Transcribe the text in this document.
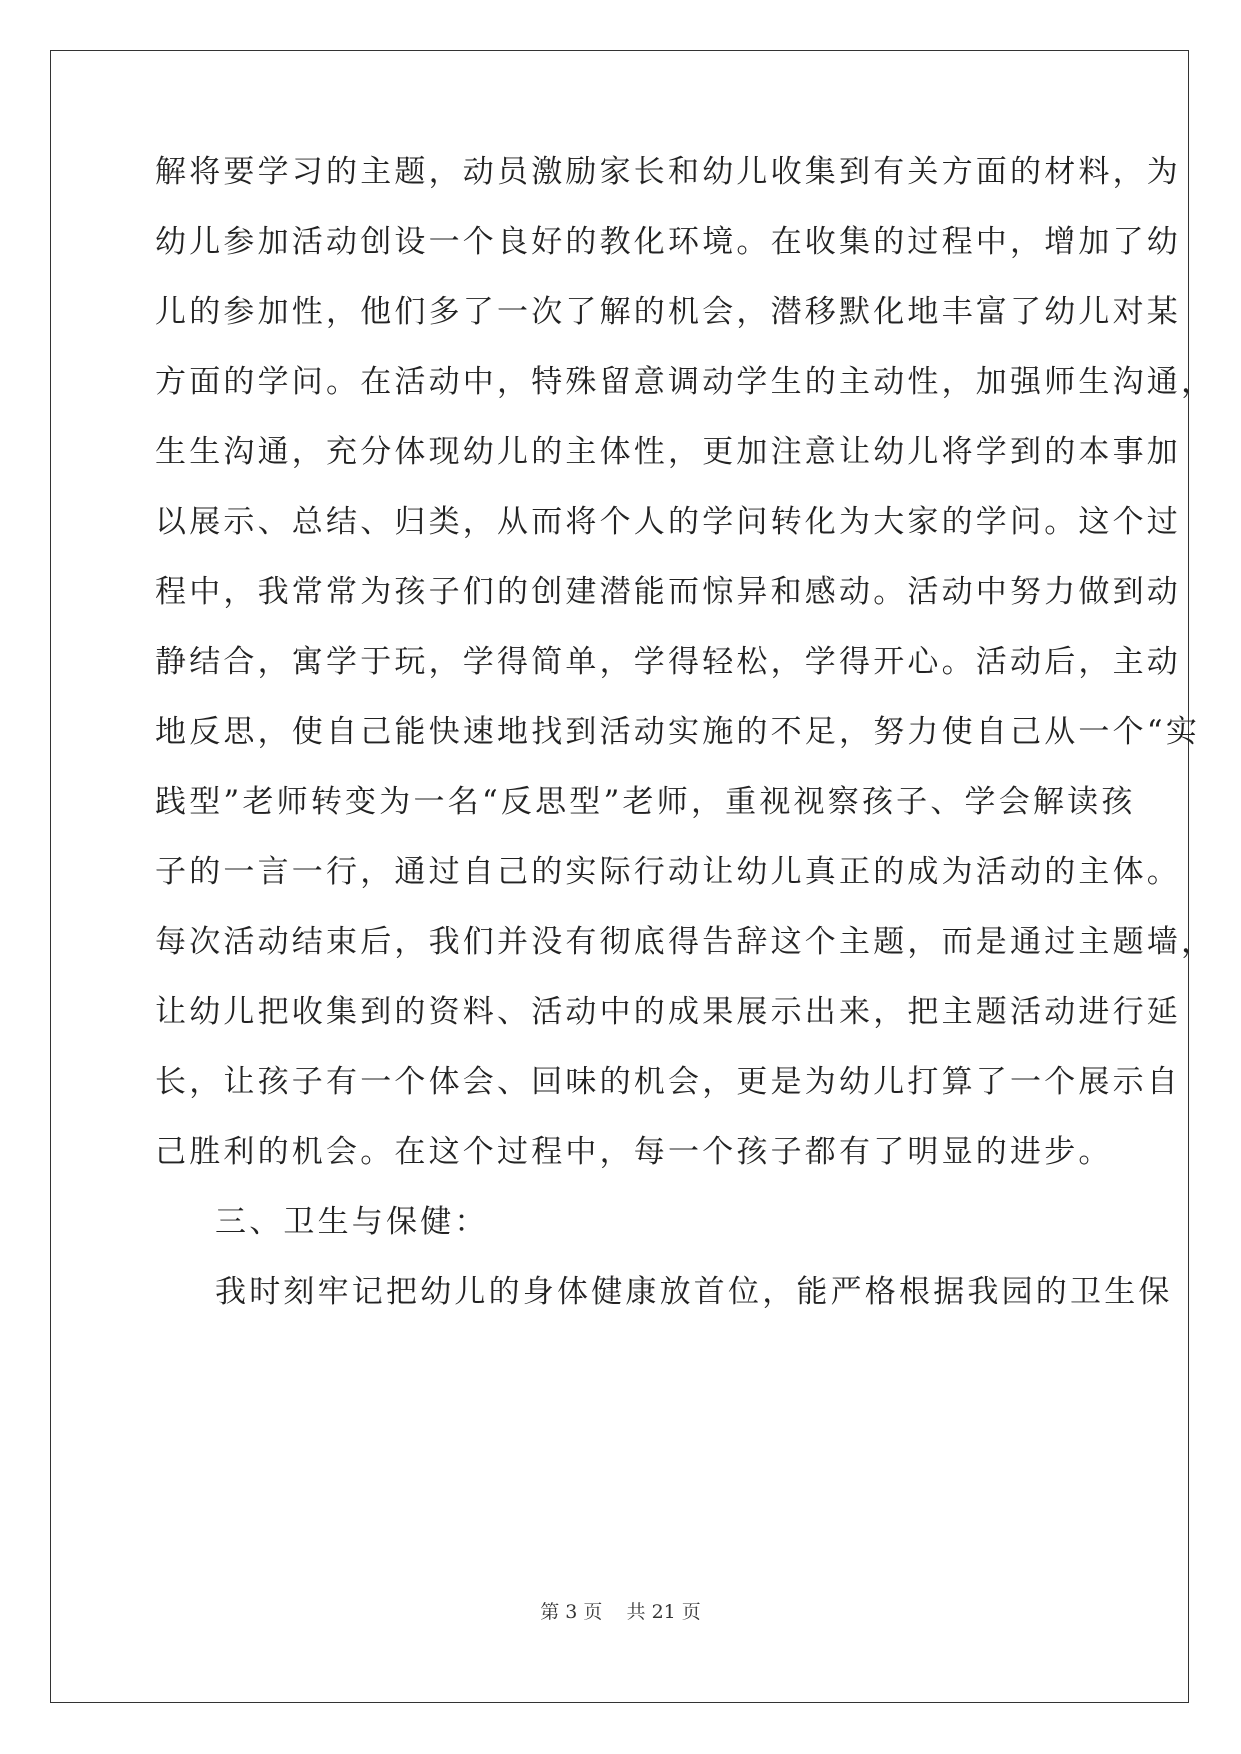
解将要学习的主题，动员激励家长和幼儿收集到有关方面的材料，为
幼儿参加活动创设一个良好的教化环境。在收集的过程中，增加了幼
儿的参加性，他们多了一次了解的机会，潜移默化地丰富了幼儿对某
方面的学问。在活动中，特殊留意调动学生的主动性，加强师生沟通，
生生沟通，充分体现幼儿的主体性，更加注意让幼儿将学到的本事加
以展示、总结、归类，从而将个人的学问转化为大家的学问。这个过
程中，我常常为孩子们的创建潜能而惊异和感动。活动中努力做到动
静结合，寓学于玩，学得简单，学得轻松，学得开心。活动后，主动
地反思，使自己能快速地找到活动实施的不足，努力使自己从一个“实
践型”老师转变为一名“反思型”老师，重视视察孩子、学会解读孩
子的一言一行，通过自己的实际行动让幼儿真正的成为活动的主体。
每次活动结束后，我们并没有彻底得告辞这个主题，而是通过主题墙，
让幼儿把收集到的资料、活动中的成果展示出来，把主题活动进行延
长，让孩子有一个体会、回味的机会，更是为幼儿打算了一个展示自
己胜利的机会。在这个过程中，每一个孩子都有了明显的进步。
三、卫生与保健：
我时刻牢记把幼儿的身体健康放首位，能严格根据我园的卫生保
第 3 页    共 21 页
